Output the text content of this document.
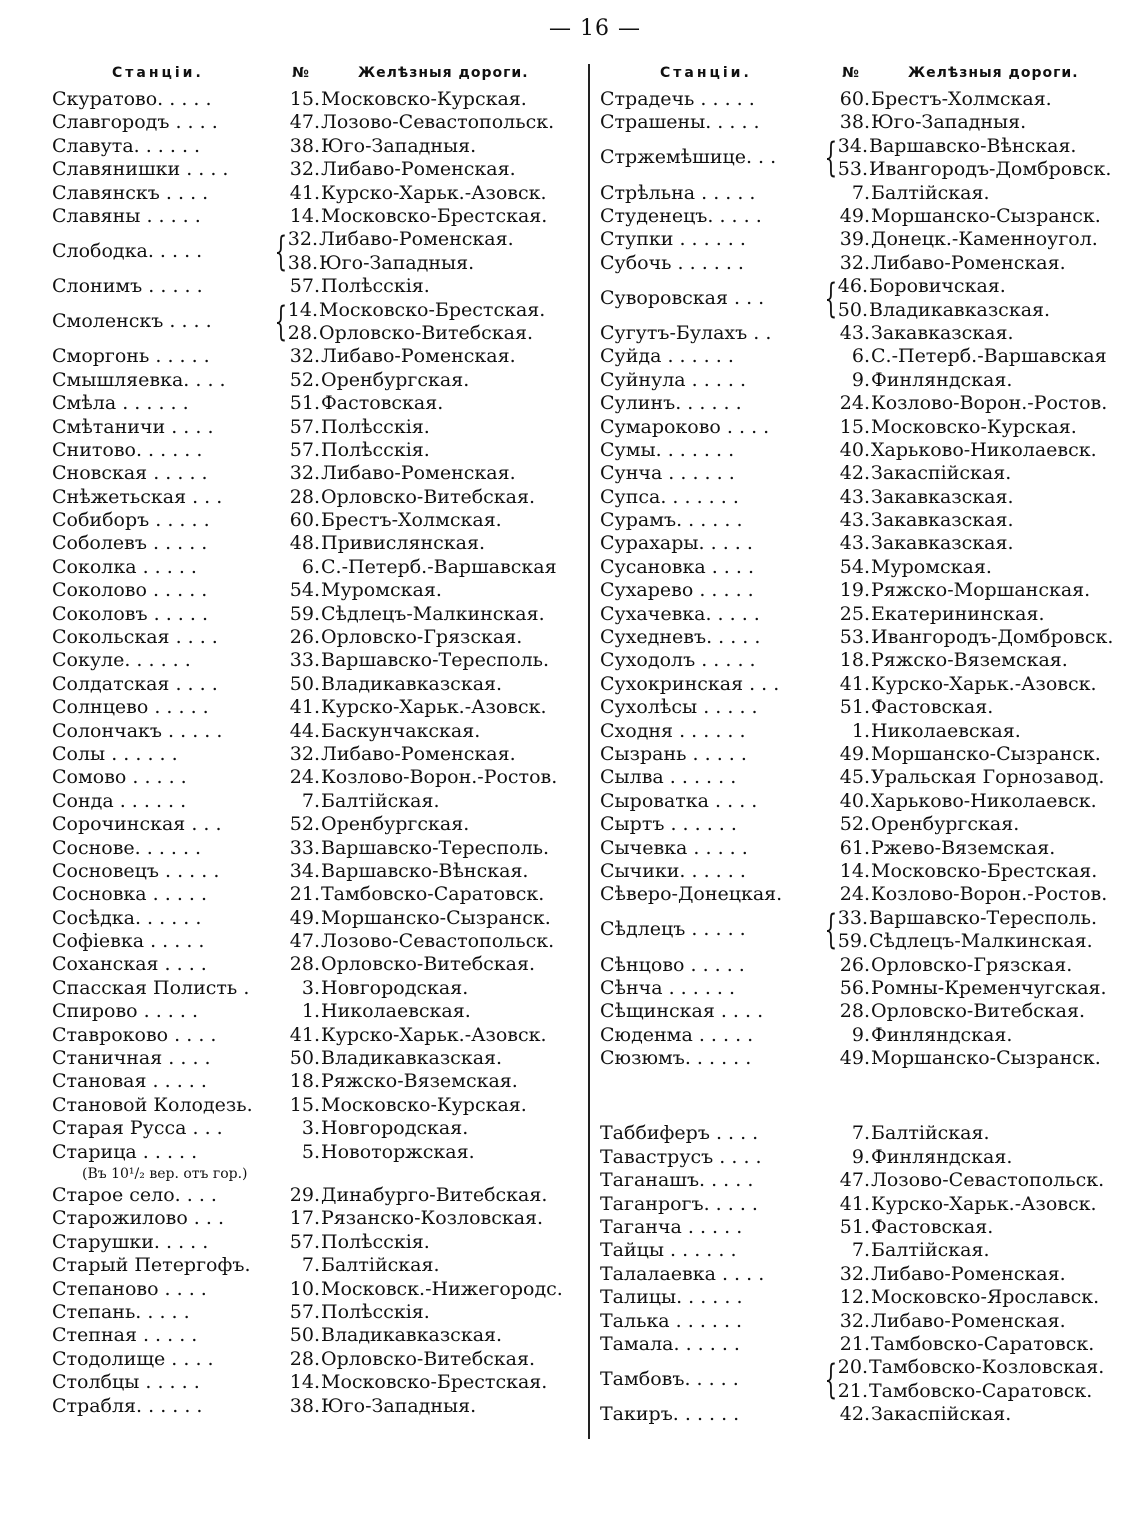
— 16 —
Станцiи.	№	Желѣзныя дороги.
Скуратово. . . . .	15. Московско-Курская.
Славгородъ . . . .	47. Лозово-Севастопольск.
Славута. . . . . .	38. Юго-Западныя.
Славянишки . . . .	32. Либаво-Роменская.
Славянскъ . . . .	41. Курско-Харьк.-Азовск.
Славяны . . . . .	14. Московско-Брестская.
Слободка. . . . .	{ 32. Либаво-Роменская.
38. Юго-Западныя.
Слонимъ . . . . .	57. Полѣсскія.
Смоленскъ . . . .	{ 14. Московско-Брестская.
28. Орловско-Витебская.
Сморгонь . . . . .	32. Либаво-Роменская.
Смышляевка. . . .	52. Оренбургская.
Смѣла . . . . . .	51. Фастовская.
Смѣтаничи . . . .	57. Полѣсскія.
Снитово. . . . . .	57. Полѣсскія.
Сновская . . . . .	32. Либаво-Роменская.
Снѣжетьская . . .	28. Орловско-Витебская.
Собиборъ . . . . .	60. Брестъ-Холмская.
Соболевъ . . . . .	48. Привислянская.
Соколка . . . . .	6. С.-Петерб.-Варшавская
Соколово . . . . .	54. Муромская.
Соколовъ . . . . .	59. Сѣдлецъ-Малкинская.
Сокольская . . . .	26. Орловско-Грязская.
Сокуле. . . . . .	33. Варшавско-Тересполь.
Солдатская . . . .	50. Владикавказская.
Солнцево . . . . .	41. Курско-Харьк.-Азовск.
Солончакъ . . . . .	44. Баскунчакская.
Солы . . . . . .	32. Либаво-Роменская.
Сомово . . . . .	24. Козлово-Ворон.-Ростов.
Сонда . . . . . .	7. Балтійская.
Сорочинская . . .	52. Оренбургская.
Соснове. . . . . .	33. Варшавско-Тересполь.
Сосновецъ . . . . .	34. Варшавско-Вѣнская.
Сосновка . . . . .	21. Тамбовско-Саратовск.
Сосѣдка. . . . . .	49. Моршанско-Сызранск.
Софіевка . . . . .	47. Лозово-Севастопольск.
Соханская . . . .	28. Орловско-Витебская.
Спасская Полисть .	3. Новгородская.
Спирово . . . . .	1. Николаевская.
Ставроково . . . .	41. Курско-Харьк.-Азовск.
Станичная . . . .	50. Владикавказская.
Становая . . . . .	18. Ряжско-Вяземская.
Становой Колодезь.	15. Московско-Курская.
Старая Русса . . .	3. Новгородская.
Старица . . . . .	5. Новоторжская.
(Въ 10¹/₂ вер. отъ гор.)
Старое село. . . .	29. Динабурго-Витебская.
Старожилово . . .	17. Рязанско-Козловская.
Старушки. . . . .	57. Полѣсскія.
Старый Петергофъ.	7. Балтійская.
Степаново . . . .	10. Московск.-Нижегородс.
Степань. . . . .	57. Полѣсскія.
Степная . . . . .	50. Владикавказская.
Стодолище . . . .	28. Орловско-Витебская.
Столбцы . . . . .	14. Московско-Брестская.
Страбля. . . . . .	38. Юго-Западныя.
Станцiи.	№	Желѣзныя дороги.
Страдечь . . . . .	60. Брестъ-Холмская.
Страшены. . . . .	38. Юго-Западныя.
Стржемѣшице. . .	{ 34. Варшавско-Вѣнская.
53. Ивангородъ-Домбровск.
Стрѣльна . . . . .	7. Балтійская.
Студенецъ. . . . .	49. Моршанско-Сызранск.
Ступки . . . . . .	39. Донецк.-Каменноугол.
Субочь . . . . . .	32. Либаво-Роменская.
Суворовская . . .	{ 46. Боровичская.
50. Владикавказская.
Сугутъ-Булахъ . .	43. Закавказская.
Суйда . . . . . .	6. С.-Петерб.-Варшавская
Суйнула . . . . .	9. Финляндская.
Сулинъ. . . . . .	24. Козлово-Ворон.-Ростов.
Сумароково . . . .	15. Московско-Курская.
Сумы. . . . . . .	40. Харьково-Николаевск.
Сунча . . . . . .	42. Закаспійская.
Супса. . . . . . .	43. Закавказская.
Сурамъ. . . . . .	43. Закавказская.
Сурахары. . . . .	43. Закавказская.
Сусановка . . . .	54. Муромская.
Сухарево . . . . .	19. Ряжско-Моршанская.
Сухачевка. . . . .	25. Екатерининская.
Сухедневъ. . . . .	53. Ивангородъ-Домбровск.
Суходолъ . . . . .	18. Ряжско-Вяземская.
Сухокринская . . .	41. Курско-Харьк.-Азовск.
Сухолѣсы . . . . .	51. Фастовская.
Сходня . . . . . .	1. Николаевская.
Сызрань . . . . .	49. Моршанско-Сызранск.
Сылва . . . . . .	45. Уральская Горнозавод.
Сыроватка . . . .	40. Харьково-Николаевск.
Сыртъ . . . . . .	52. Оренбургская.
Сычевка . . . . .	61. Ржево-Вяземская.
Сычики. . . . . .	14. Московско-Брестская.
Сѣверо-Донецкая.	24. Козлово-Ворон.-Ростов.
Сѣдлецъ . . . . .	{ 33. Варшавско-Тересполь.
59. Сѣдлецъ-Малкинская.
Сѣнцово . . . . .	26. Орловско-Грязская.
Сѣнча . . . . . .	56. Ромны-Кременчугская.
Сѣщинская . . . .	28. Орловско-Витебская.
Сюденма . . . . .	9. Финляндская.
Сюзюмъ. . . . . .	49. Моршанско-Сызранск.
Таббиферъ . . . .	7. Балтійская.
Таваструсъ . . . .	9. Финляндская.
Таганашъ. . . . .	47. Лозово-Севастопольск.
Таганрогъ. . . . .	41. Курско-Харьк.-Азовск.
Таганча . . . . .	51. Фастовская.
Тайцы . . . . . .	7. Балтійская.
Талалаевка . . . .	32. Либаво-Роменская.
Талицы. . . . . .	12. Московско-Ярославск.
Талька . . . . . .	32. Либаво-Роменская.
Тамала. . . . . .	21. Тамбовско-Саратовск.
Тамбовъ. . . . .	{ 20. Тамбовско-Козловская.
21. Тамбовско-Саратовск.
Такиръ. . . . . .	42. Закаспійская.
